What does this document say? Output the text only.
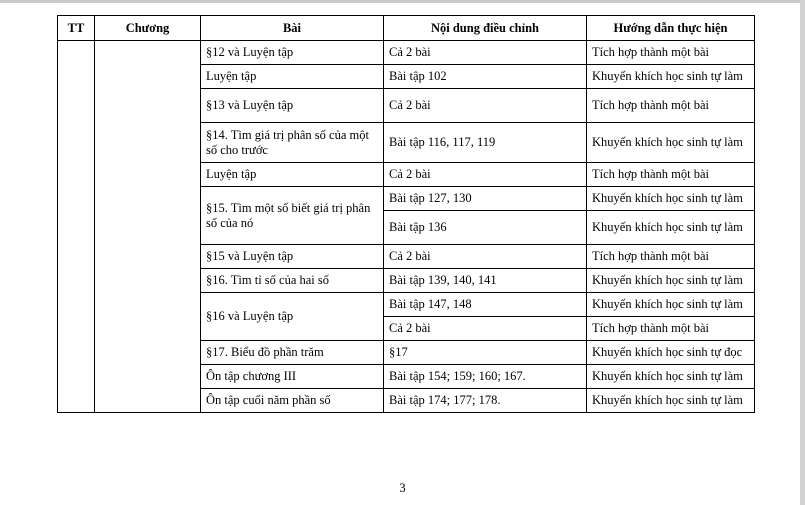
TT	Chương	Bài	Nội dung điều chỉnh	Hướng dẫn thực hiện
		§12 và Luyện tập	Cả 2 bài	Tích hợp thành một bài
		Luyện tập	Bài tập 102	Khuyến khích học sinh tự làm
		§13 và Luyện tập	Cả 2 bài	Tích hợp thành một bài
		§14. Tìm giá trị phân số của một số cho trước	Bài tập 116, 117, 119	Khuyến khích học sinh tự làm
		Luyện tập	Cả 2 bài	Tích hợp thành một bài
		§15. Tìm một số biết giá trị phân số của nó	Bài tập 127, 130	Khuyến khích học sinh tự làm
			Bài tập 136	Khuyến khích học sinh tự làm
		§15 và Luyện tập	Cả 2 bài	Tích hợp thành một bài
		§16. Tìm tỉ số của hai số	Bài tập 139, 140, 141	Khuyến khích học sinh tự làm
		§16 và Luyện tập	Bài tập 147, 148	Khuyến khích học sinh tự làm
			Cả 2 bài	Tích hợp thành một bài
		§17. Biểu đồ phần trăm	§17	Khuyến khích học sinh tự đọc
		Ôn tập chương III	Bài tập 154; 159; 160; 167.	Khuyến khích học sinh tự làm
		Ôn tập cuối năm phần số	Bài tập 174; 177; 178.	Khuyến khích học sinh tự làm
3
